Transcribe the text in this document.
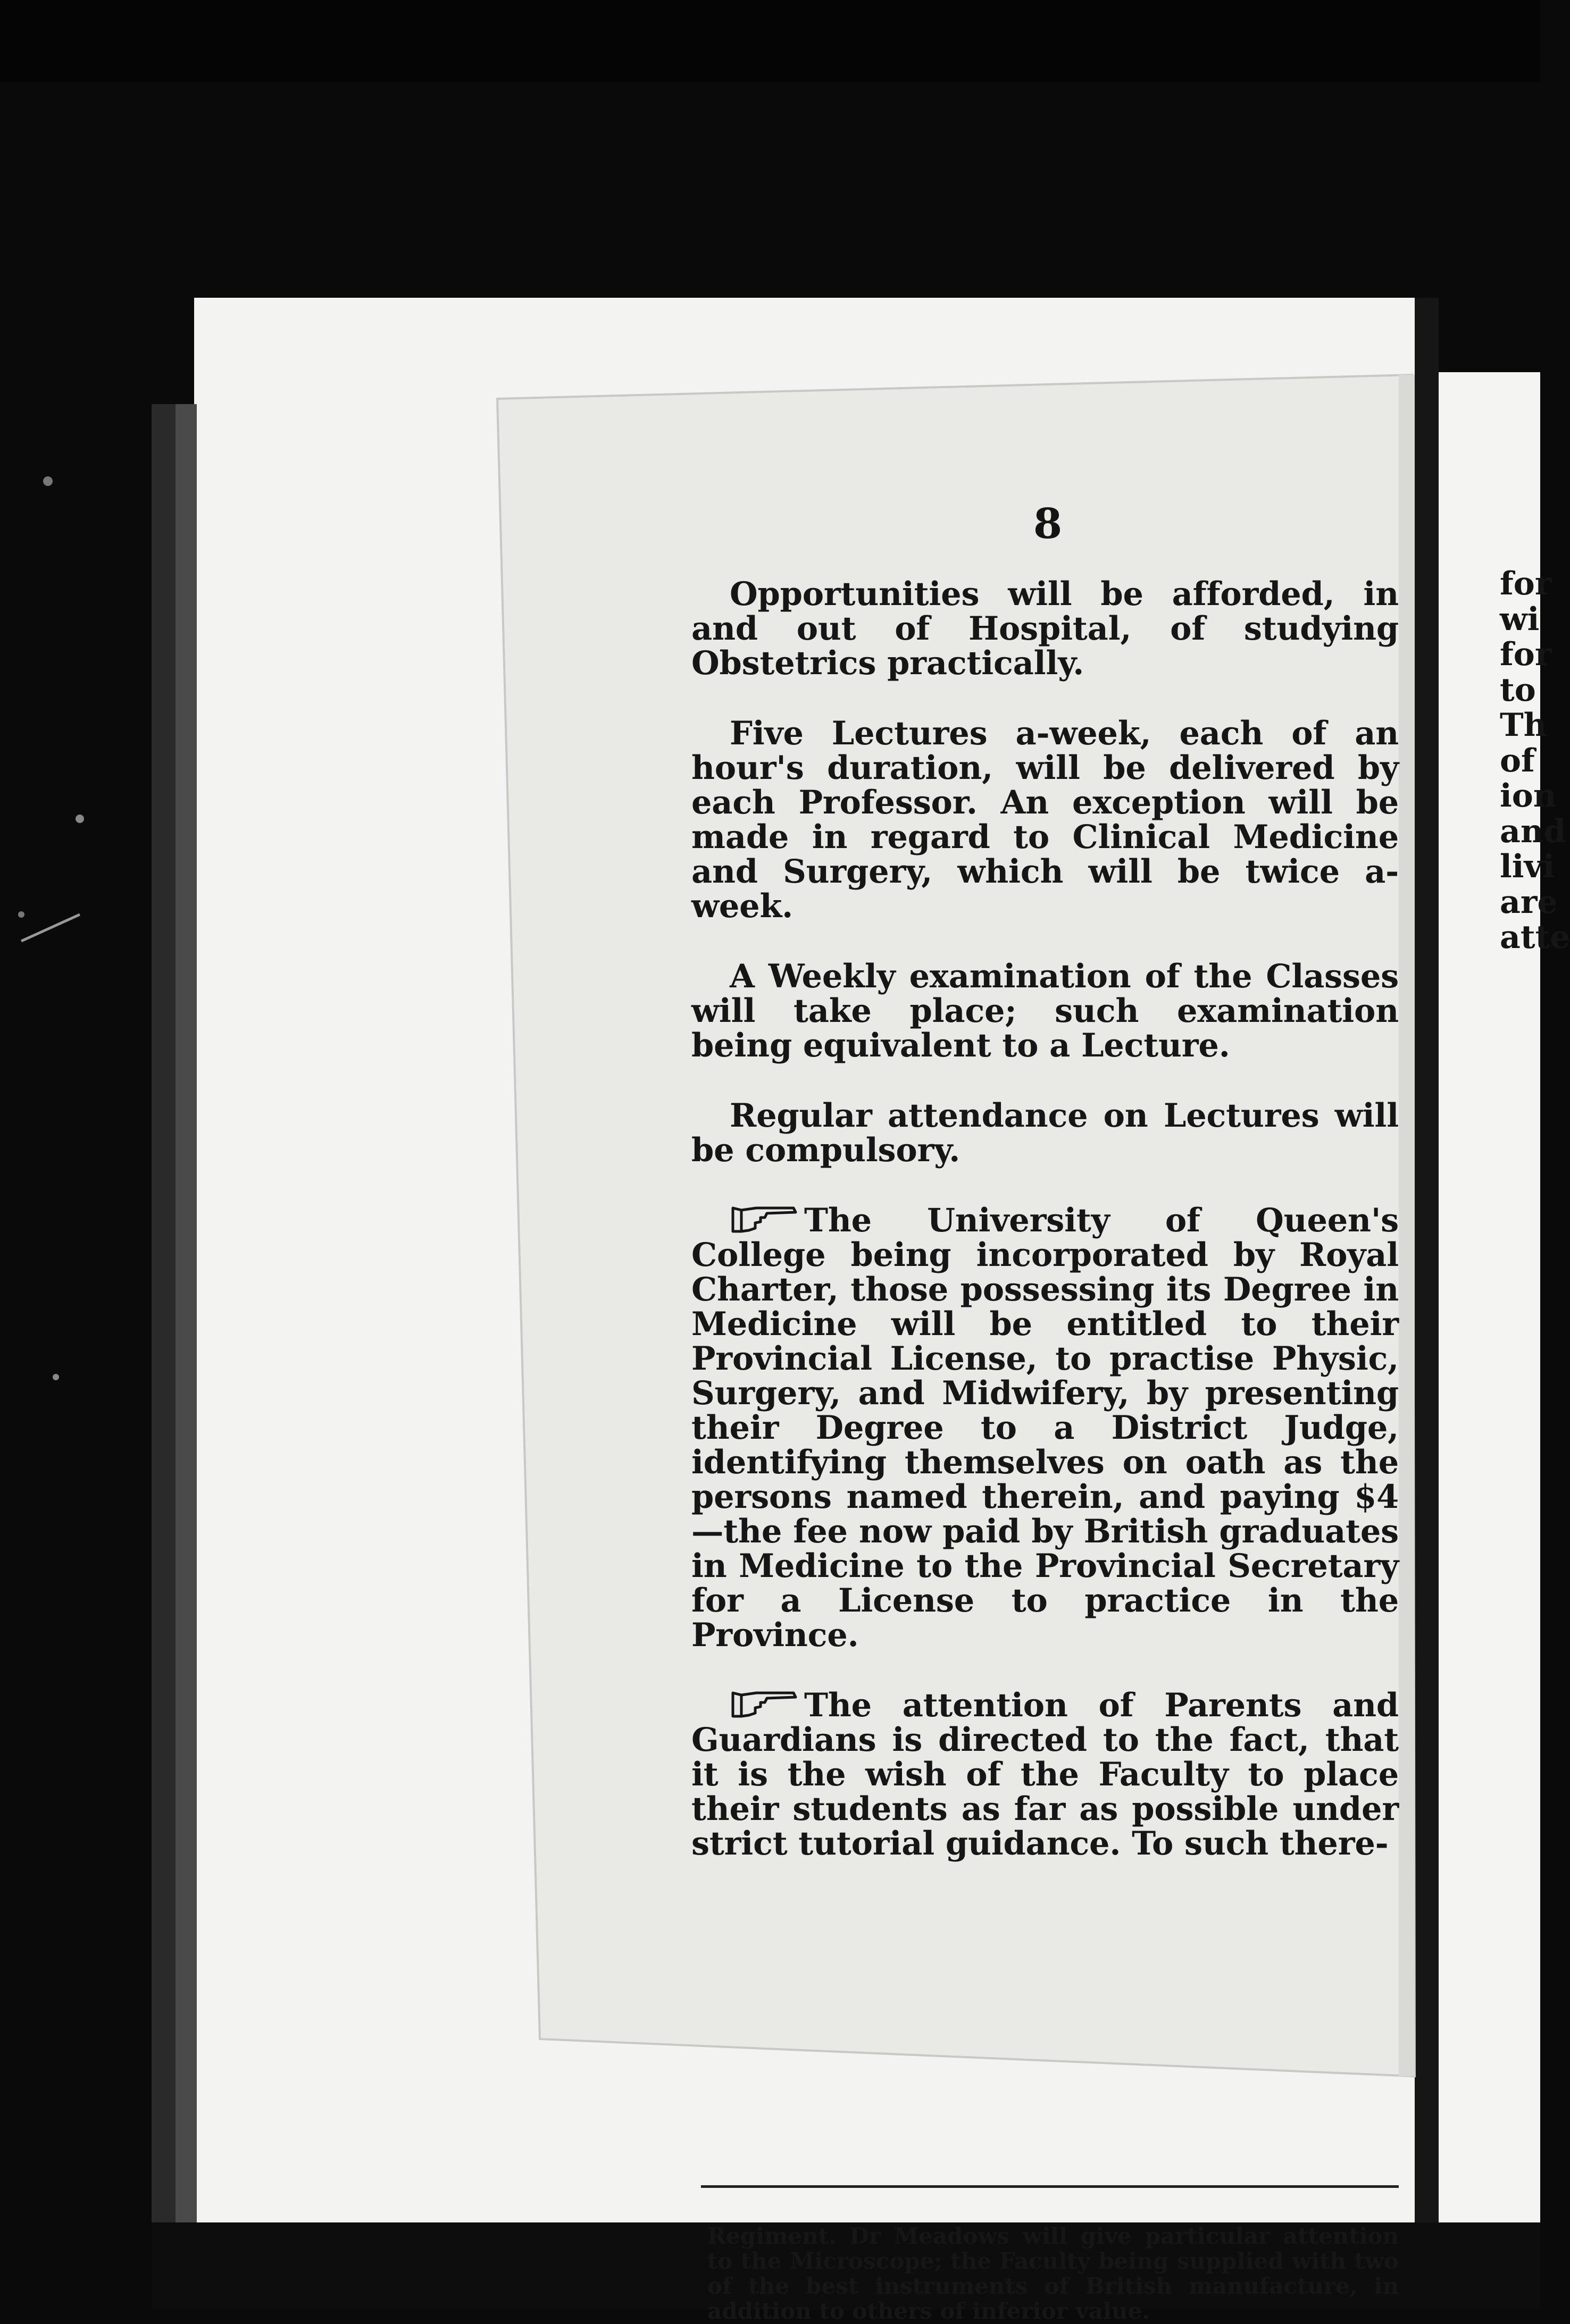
8

Opportunities will be afforded, in and out of Hospital, of studying Obstetrics practically.

Five Lectures a-week, each of an hour's duration, will be delivered by each Professor. An exception will be made in regard to Clinical Medicine and Surgery, which will be twice a-week.

A Weekly examination of the Classes will take place; such examination being equivalent to a Lecture.

Regular attendance on Lectures will be compulsory.

The University of Queen's College being incorporated by Royal Charter, those possessing its Degree in Medicine will be entitled to their Provincial License, to practise Physic, Surgery, and Midwifery, by presenting their Degree to a District Judge, identifying themselves on oath as the persons named therein, and paying $4—the fee now paid by British graduates in Medicine to the Provincial Secretary for a License to practice in the Province.

The attention of Parents and Guardians is directed to the fact, that it is the wish of the Faculty to place their students as far as possible under strict tutorial guidance. To such there-

Regiment. Dr Meadows will give particular attention to the Microscope; the Faculty being supplied with two of the best instruments of British manufacture, in addition to others of inferior value.
for
wi
for
to
Th
of
ion
and
livi
are
atte
